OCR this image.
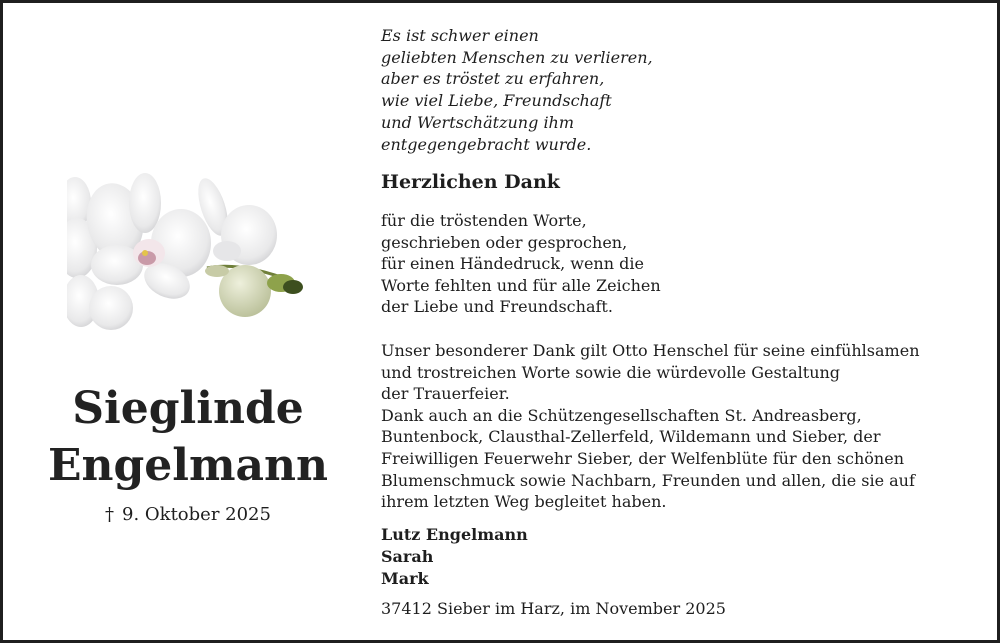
Sieglinde
Engelmann
† 9. Oktober 2025
Es ist schwer einen
geliebten Menschen zu verlieren,
aber es tröstet zu erfahren,
wie viel Liebe, Freundschaft
und Wertschätzung ihm
entgegengebracht wurde.
Herzlichen Dank
für die tröstenden Worte,
geschrieben oder gesprochen,
für einen Händedruck, wenn die
Worte fehlten und für alle Zeichen
der Liebe und Freundschaft.
Unser besonderer Dank gilt Otto Henschel für seine einfühlsamen
und trostreichen Worte sowie die würdevolle Gestaltung
der Trauerfeier.
Dank auch an die Schützengesellschaften St. Andreasberg,
Buntenbock, Clausthal-Zellerfeld, Wildemann und Sieber, der
Freiwilligen Feuerwehr Sieber, der Welfenblüte für den schönen
Blumenschmuck sowie Nachbarn, Freunden und allen, die sie auf
ihrem letzten Weg begleitet haben.
Lutz Engelmann
Sarah
Mark
37412 Sieber im Harz, im November 2025
